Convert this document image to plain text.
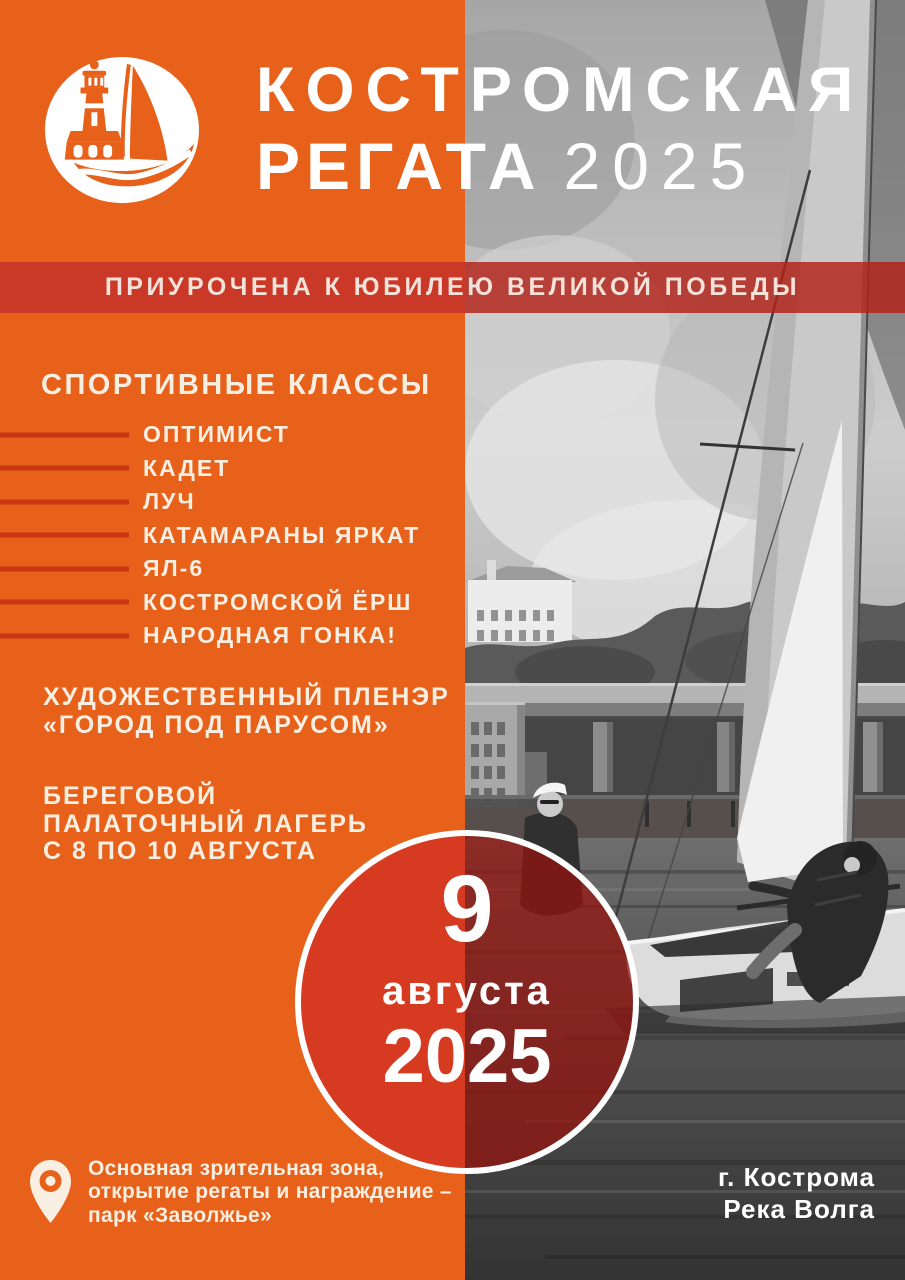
КОСТРОМСКАЯ
РЕГАТА 2025
ПРИУРОЧЕНА К ЮБИЛЕЮ ВЕЛИКОЙ ПОБЕДЫ
СПОРТИВНЫЕ КЛАССЫ
ОПТИМИСТ
КАДЕТ
ЛУЧ
КАТАМАРАНЫ ЯРКАТ
ЯЛ-6
КОСТРОМСКОЙ ЁРШ
НАРОДНАЯ ГОНКА!
ХУДОЖЕСТВЕННЫЙ ПЛЕНЭР
«ГОРОД ПОД ПАРУСОМ»
БЕРЕГОВОЙ
ПАЛАТОЧНЫЙ ЛАГЕРЬ
С 8 ПО 10 АВГУСТА
9
августа
2025
Основная зрительная зона,
открытие регаты и награждение –
парк «Заволжье»
г. Кострома
Река Волга
